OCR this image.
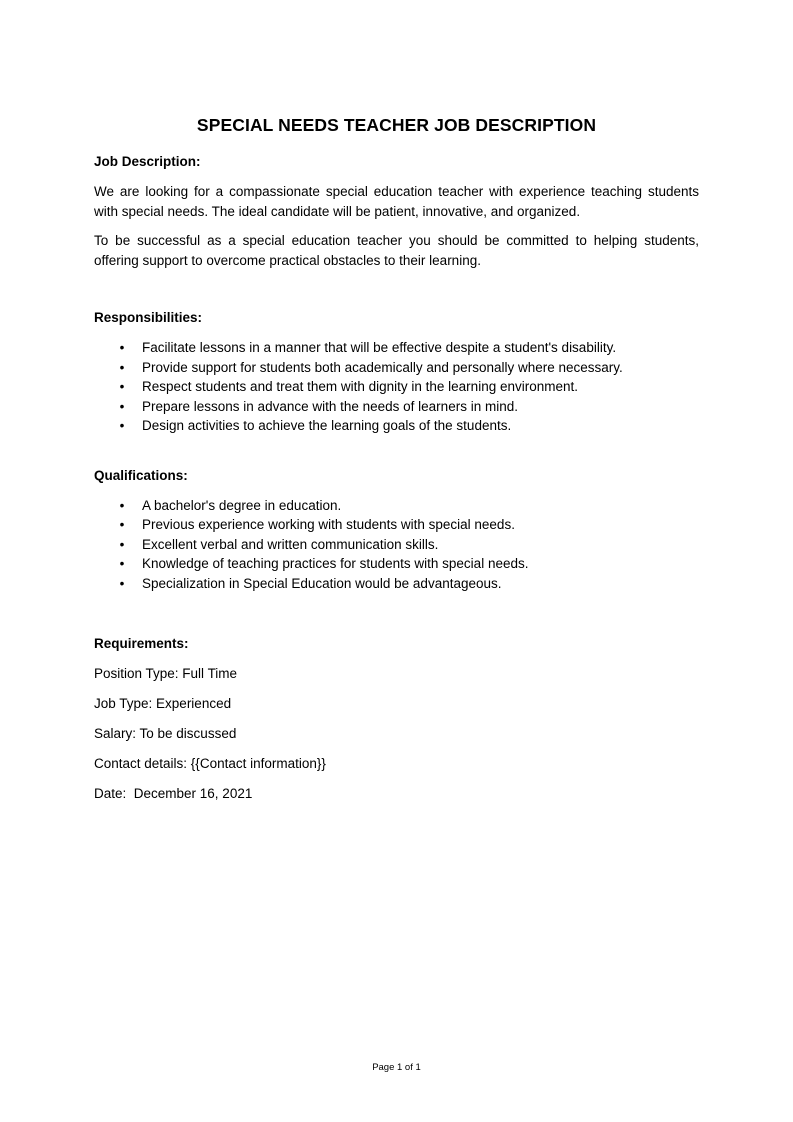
SPECIAL NEEDS TEACHER JOB DESCRIPTION
Job Description:

We are looking for a compassionate special education teacher with experience teaching students with special needs. The ideal candidate will be patient, innovative, and organized.

To be successful as a special education teacher you should be committed to helping students, offering support to overcome practical obstacles to their learning.

Responsibilities:
• Facilitate lessons in a manner that will be effective despite a student's disability.
• Provide support for students both academically and personally where necessary.
• Respect students and treat them with dignity in the learning environment.
• Prepare lessons in advance with the needs of learners in mind.
• Design activities to achieve the learning goals of the students.
Qualifications:
• A bachelor's degree in education.
• Previous experience working with students with special needs.
• Excellent verbal and written communication skills.
• Knowledge of teaching practices for students with special needs.
• Specialization in Special Education would be advantageous.
Requirements:

Position Type: Full Time

Job Type: Experienced

Salary: To be discussed

Contact details: {{Contact information}}

Date:  December 16, 2021

Page 1 of 1
